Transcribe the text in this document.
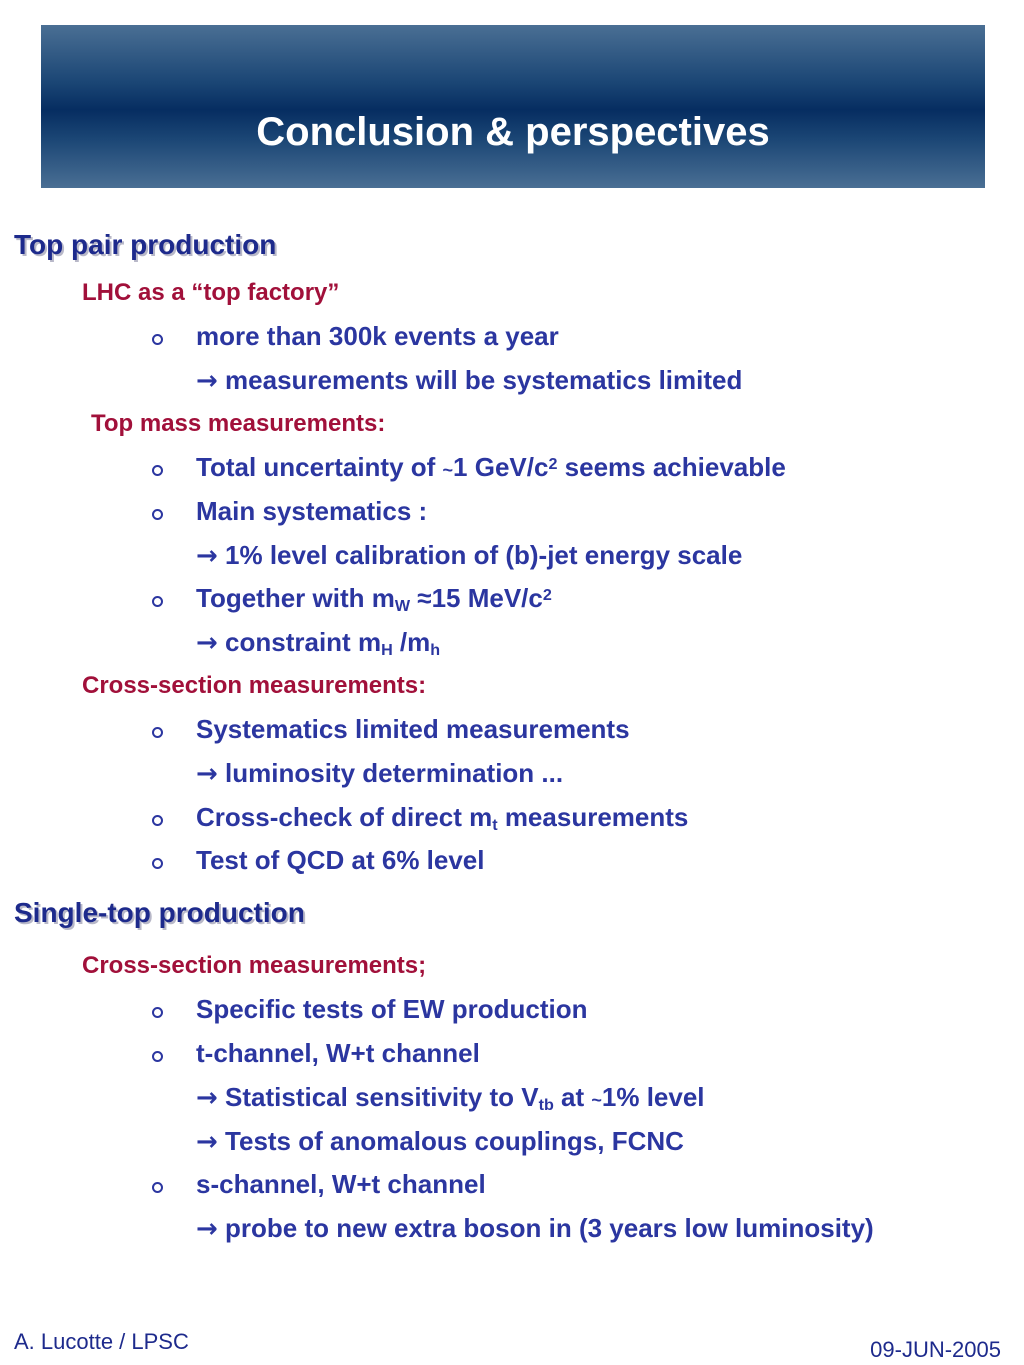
Conclusion & perspectives
Top pair production
LHC as a “top factory”
more than 300k events a year
→ measurements will be systematics limited
Top mass measurements:
Total uncertainty of ~1 GeV/$c^2$ seems achievable
Main systematics :
→ 1% level calibration of (b)-jet energy scale
Together with $m_W \approx 15$ MeV/$c^2$
→ constraint $m_H$ $/m_h$
Cross-section measurements:
Systematics limited measurements
→ luminosity determination ...
Cross-check of direct $m_t$ measurements
Test of QCD at 6% level
Single-top production
Cross-section measurements;
Specific tests of EW production
t-channel, W+t channel
→ Statistical sensitivity to $V_{tb}$ at ~1% level
→ Tests of anomalous couplings, FCNC
s-channel, W+t channel
→ probe to new extra boson in (3 years low luminosity)
A. Lucotte / LPSC	09-JUN-2005
